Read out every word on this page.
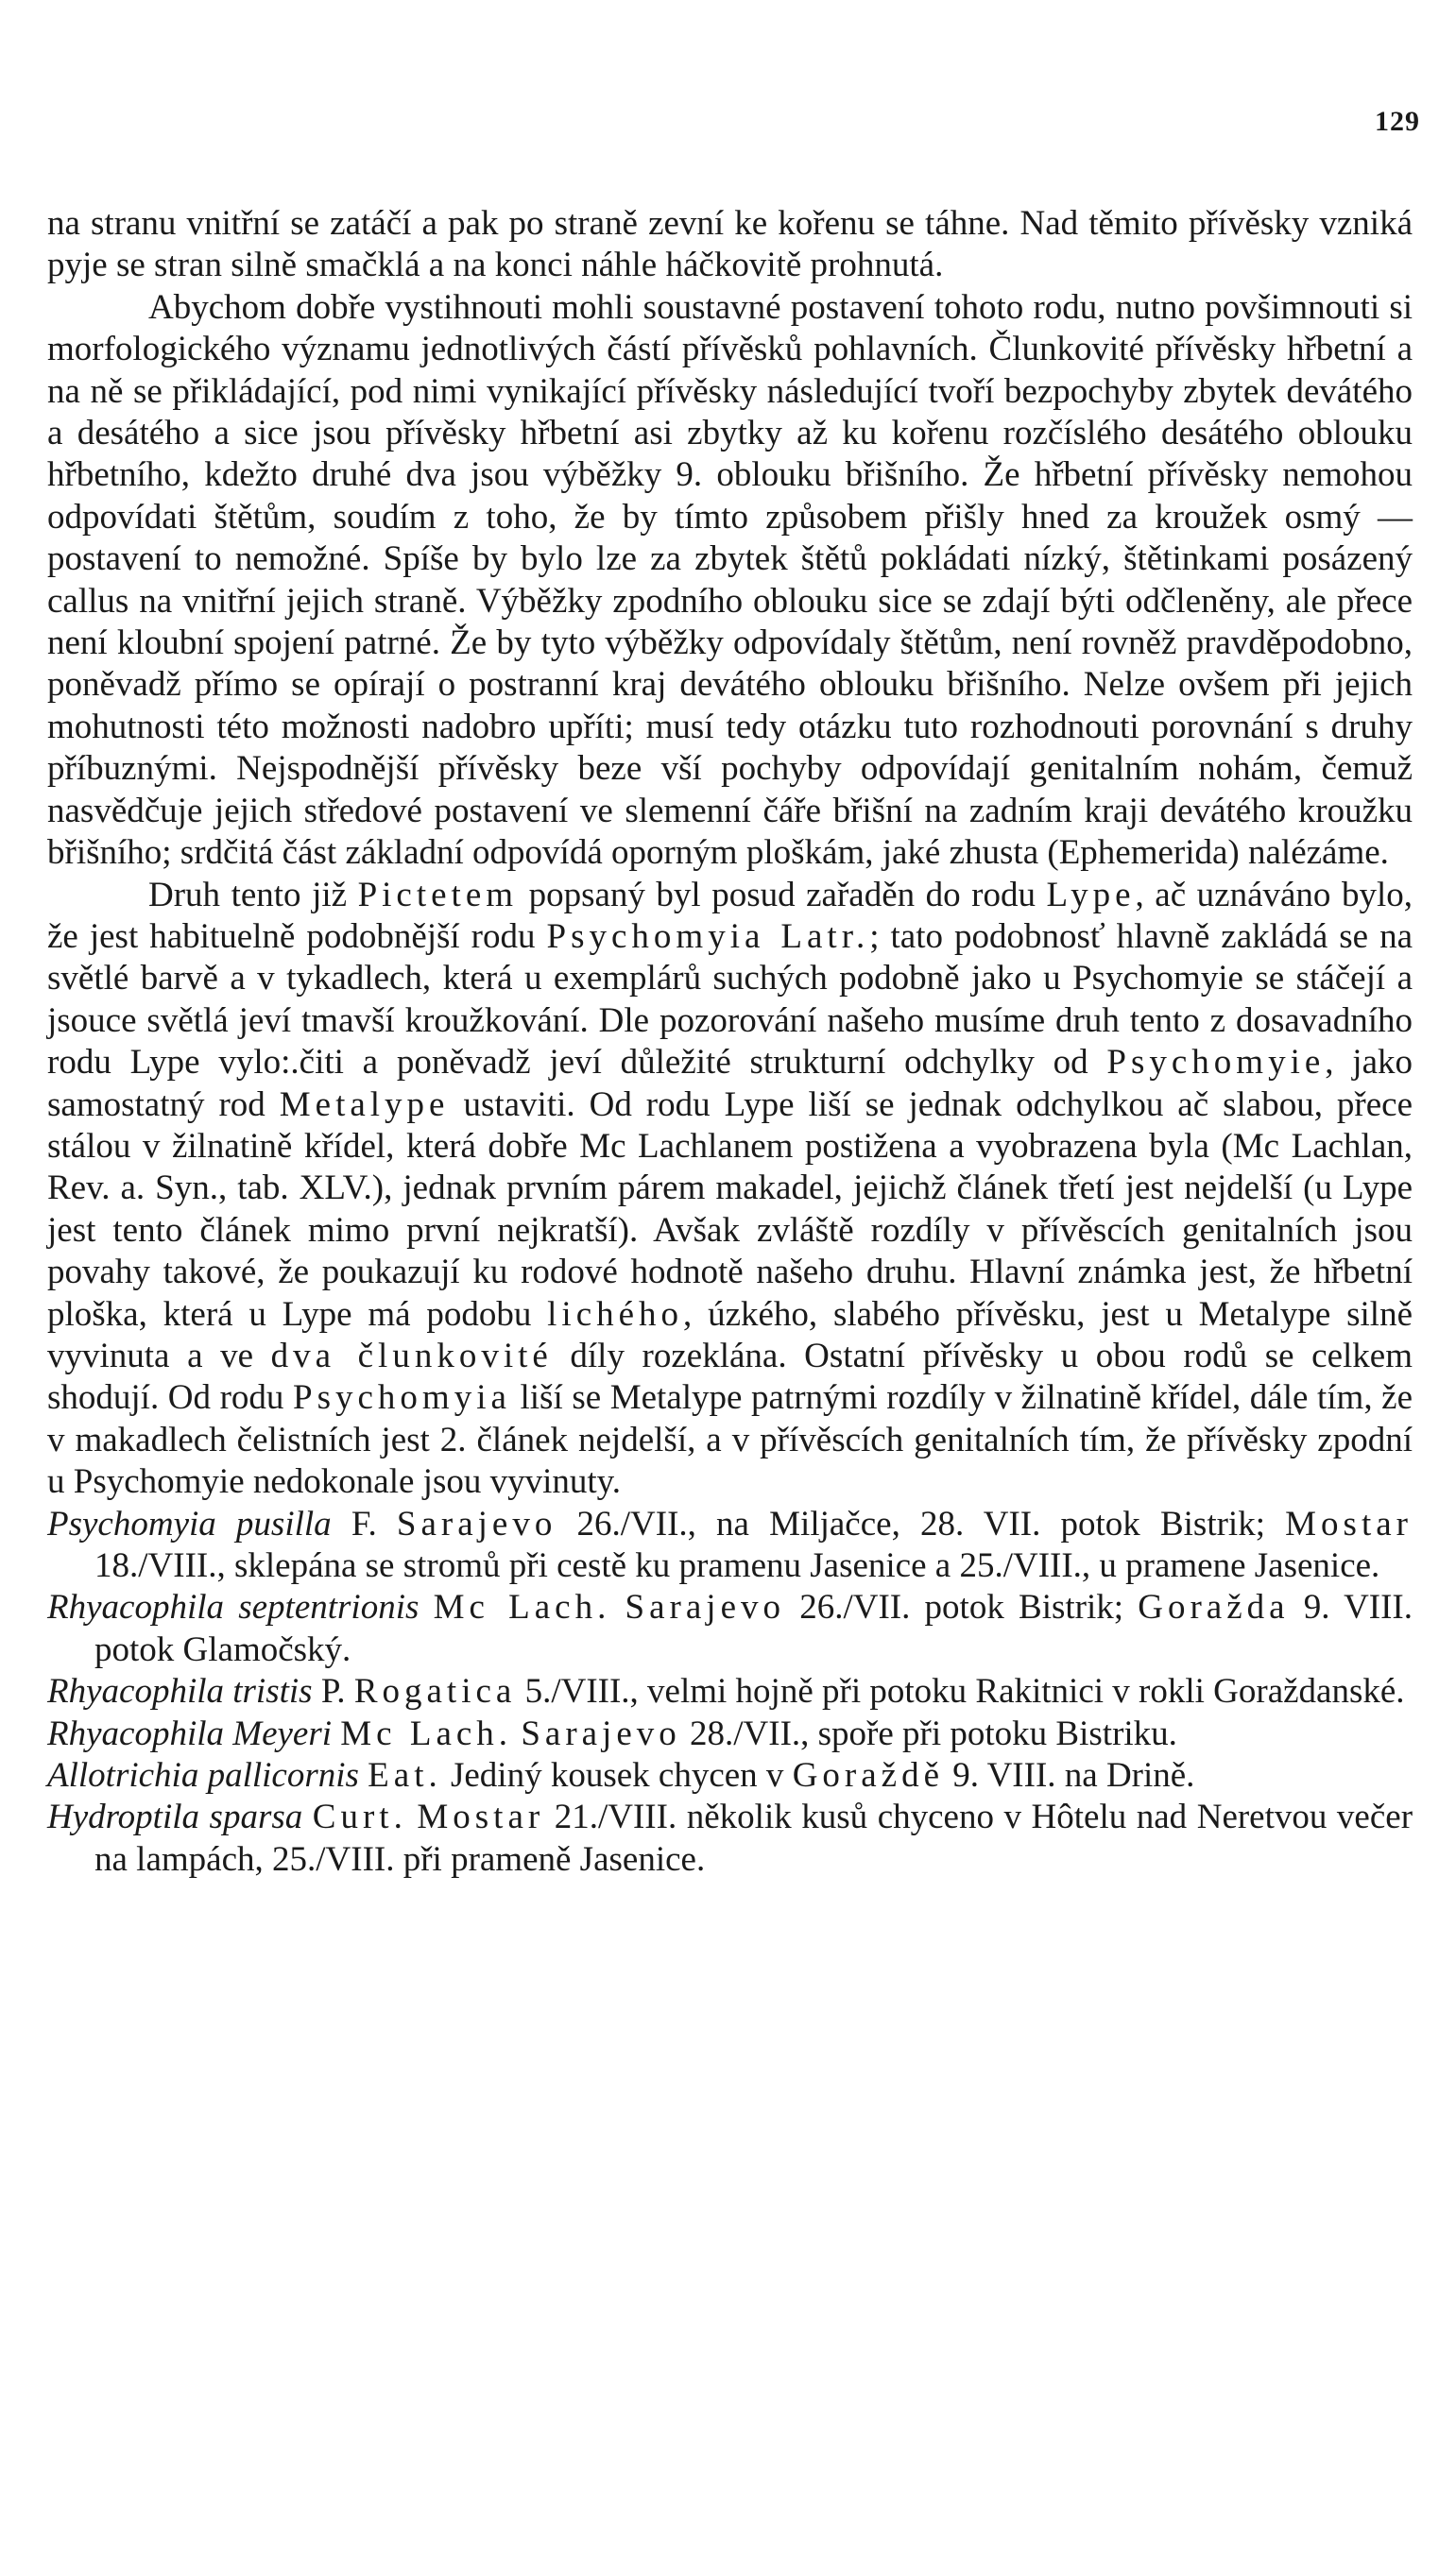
129

na stranu vnitřní se zatáčí a pak po straně zevní ke kořenu se táhne. Nad těmito přívěsky vzniká pyje se stran silně smačklá a na konci náhle háčkovitě prohnutá.

Abychom dobře vystihnouti mohli soustavné postavení tohoto rodu, nutno povšimnouti si morfologického významu jednotlivých částí přívěsků pohlavních. Člunkovité přívěsky hřbetní a na ně se přikládající, pod nimi vynikající přívěsky následující tvoří bezpochyby zbytek devátého a desátého a sice jsou přívěsky hřbetní asi zbytky až ku kořenu rozčíslého desátého oblouku hřbetního, kdežto druhé dva jsou výběžky 9. oblouku břišního. Že hřbetní přívěsky nemohou odpovídati štětům, soudím z toho, že by tímto způsobem přišly hned za kroužek osmý — postavení to nemožné. Spíše by bylo lze za zbytek štětů pokládati nízký, štětinkami posázený callus na vnitřní jejich straně. Výběžky zpodního oblouku sice se zdají býti odčleněny, ale přece není kloubní spojení patrné. Že by tyto výběžky odpovídaly štětům, není rovněž pravděpodobno, poněvadž přímo se opírají o postranní kraj devátého oblouku břišního. Nelze ovšem při jejich mohutnosti této možnosti nadobro upříti; musí tedy otázku tuto rozhodnouti porovnání s druhy příbuznými. Nejspodnější přívěsky beze vší pochyby odpovídají genitalním nohám, čemuž nasvědčuje jejich středové postavení ve slemenní čáře břišní na zadním kraji devátého kroužku břišního; srdčitá část základní odpovídá oporným ploškám, jaké zhusta (Ephemerida) nalézáme.

Druh tento již Pictetem popsaný byl posud zařaděn do rodu Lype, ač uznáváno bylo, že jest habituelně podobnější rodu Psychomyia Latr.; tato podobnosť hlavně zakládá se na světlé barvě a v tykadlech, která u exemplárů suchých podobně jako u Psychomyie se stáčejí a jsouce světlá jeví tmavší kroužkování. Dle pozorování našeho musíme druh tento z dosavadního rodu Lype vylo:.čiti a poněvadž jeví důležité strukturní odchylky od Psychomyie, jako samostatný rod Metalype ustaviti. Od rodu Lype liší se jednak odchylkou ač slabou, přece stálou v žilnatině křídel, která dobře Mc Lachlanem postižena a vyobrazena byla (Mc Lachlan, Rev. a. Syn., tab. XLV.), jednak prvním párem makadel, jejichž článek třetí jest nejdelší (u Lype jest tento článek mimo první nejkratší). Avšak zvláště rozdíly v přívěscích genitalních jsou povahy takové, že poukazují ku rodové hodnotě našeho druhu. Hlavní známka jest, že hřbetní ploška, která u Lype má podobu lichého, úzkého, slabého přívěsku, jest u Metalype silně vyvinuta a ve dva člunkovité díly rozeklána. Ostatní přívěsky u obou rodů se celkem shodují. Od rodu Psychomyia liší se Metalype patrnými rozdíly v žilnatině křídel, dále tím, že v makadlech čelistních jest 2. článek nejdelší, a v přívěscích genitalních tím, že přívěsky zpodní u Psychomyie nedokonale jsou vyvinuty.

Psychomyia pusilla F. Sarajevo 26./VII., na Miljačce, 28. VII. potok Bistrik; Mostar 18./VIII., sklepána se stromů při cestě ku pramenu Jasenice a 25./VIII., u pramene Jasenice.

Rhyacophila septentrionis Mc Lach. Sarajevo 26./VII. potok Bistrik; Goražda 9. VIII. potok Glamočský.

Rhyacophila tristis P. Rogatica 5./VIII., velmi hojně při potoku Rakitnici v rokli Goraždanské.

Rhyacophila Meyeri Mc Lach. Sarajevo 28./VII., spoře při potoku Bistriku.

Allotrichia pallicornis Eat. Jediný kousek chycen v Goraždě 9. VIII. na Drině.

Hydroptila sparsa Curt. Mostar 21./VIII. několik kusů chyceno v Hôtelu nad Neretvou večer na lampách, 25./VIII. při prameně Jasenice.
